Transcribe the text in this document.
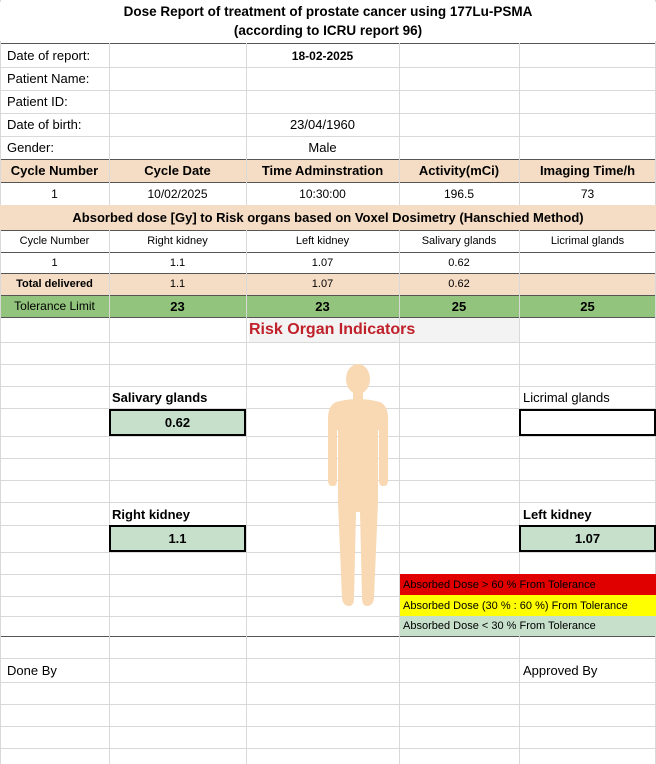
Dose Report of treatment of prostate cancer using 177Lu-PSMA
(according to ICRU report 96)
Date of report:	18-02-2025
Patient Name:
Patient ID:
Date of birth:	23/04/1960
Gender:	Male
Cycle Number	Cycle Date	Time Adminstration	Activity(mCi)	Imaging Time/h
1	10/02/2025	10:30:00	196.5	73
Absorbed dose [Gy] to Risk organs based on Voxel Dosimetry (Hanschied Method)
Cycle Number	Right kidney	Left kidney	Salivary glands	Licrimal glands
1	1.1	1.07	0.62
Total delivered	1.1	1.07	0.62
Tolerance Limit	23	23	25	25
Risk Organ Indicators
Salivary glands
0.62
Licrimal glands
Right kidney
1.1
Left kidney
1.07
Absorbed Dose > 60 % From Tolerance
Absorbed Dose (30 % : 60 %) From Tolerance
Absorbed Dose < 30 % From Tolerance
Done By	Approved By
